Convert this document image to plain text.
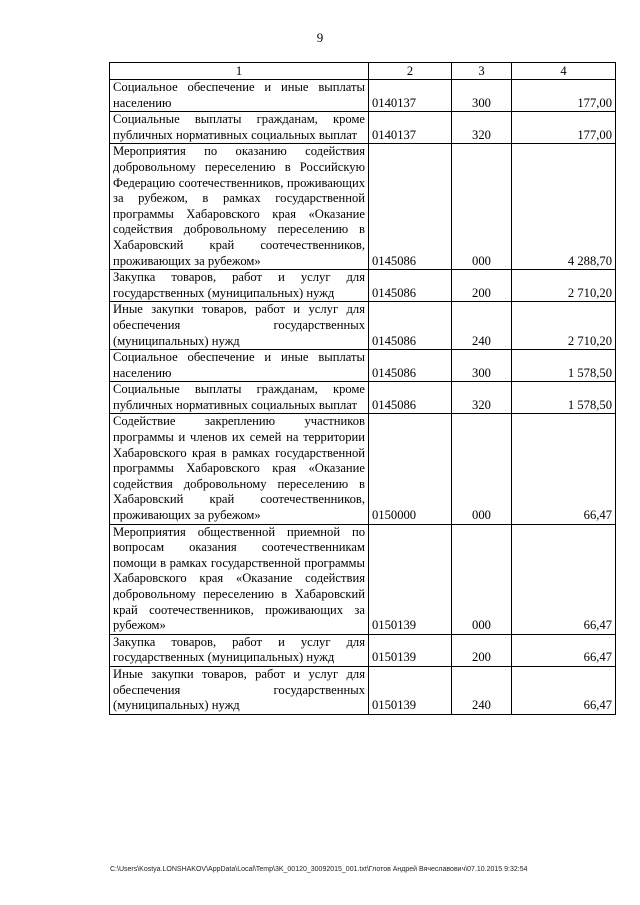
9
1	2	3	4
Социальное обеспечение и иные выплаты населению	0140137	300	177,00
Социальные выплаты гражданам, кроме публичных нормативных социальных выплат	0140137	320	177,00
Мероприятия по оказанию содействия добровольному переселению в Российскую Федерацию соотечественников, проживающих за рубежом, в рамках государственной программы Хабаровского края «Оказание содействия добровольному переселению в Хабаровский край соотечественников, проживающих за рубежом»	0145086	000	4 288,70
Закупка товаров, работ и услуг для государственных (муниципальных) нужд	0145086	200	2 710,20
Иные закупки товаров, работ и услуг для обеспечения государственных (муниципальных) нужд	0145086	240	2 710,20
Социальное обеспечение и иные выплаты населению	0145086	300	1 578,50
Социальные выплаты гражданам, кроме публичных нормативных социальных выплат	0145086	320	1 578,50
Содействие закреплению участников программы и членов их семей на территории Хабаровского края в рамках государственной программы Хабаровского края «Оказание содействия добровольному переселению в Хабаровский край соотечественников, проживающих за рубежом»	0150000	000	66,47
Мероприятия общественной приемной по вопросам оказания соотечественникам помощи в рамках государственной программы Хабаровского края «Оказание содействия добровольному переселению в Хабаровский край соотечественников, проживающих за рубежом»	0150139	000	66,47
Закупка товаров, работ и услуг для государственных (муниципальных) нужд	0150139	200	66,47
Иные закупки товаров, работ и услуг для обеспечения государственных (муниципальных) нужд	0150139	240	66,47
C:\Users\Kostya.LONSHAKOV\AppData\Local\Temp\3K_00120_30092015_001.txt\Глотов Андрей Вячеславович\07.10.2015 9:32:54
